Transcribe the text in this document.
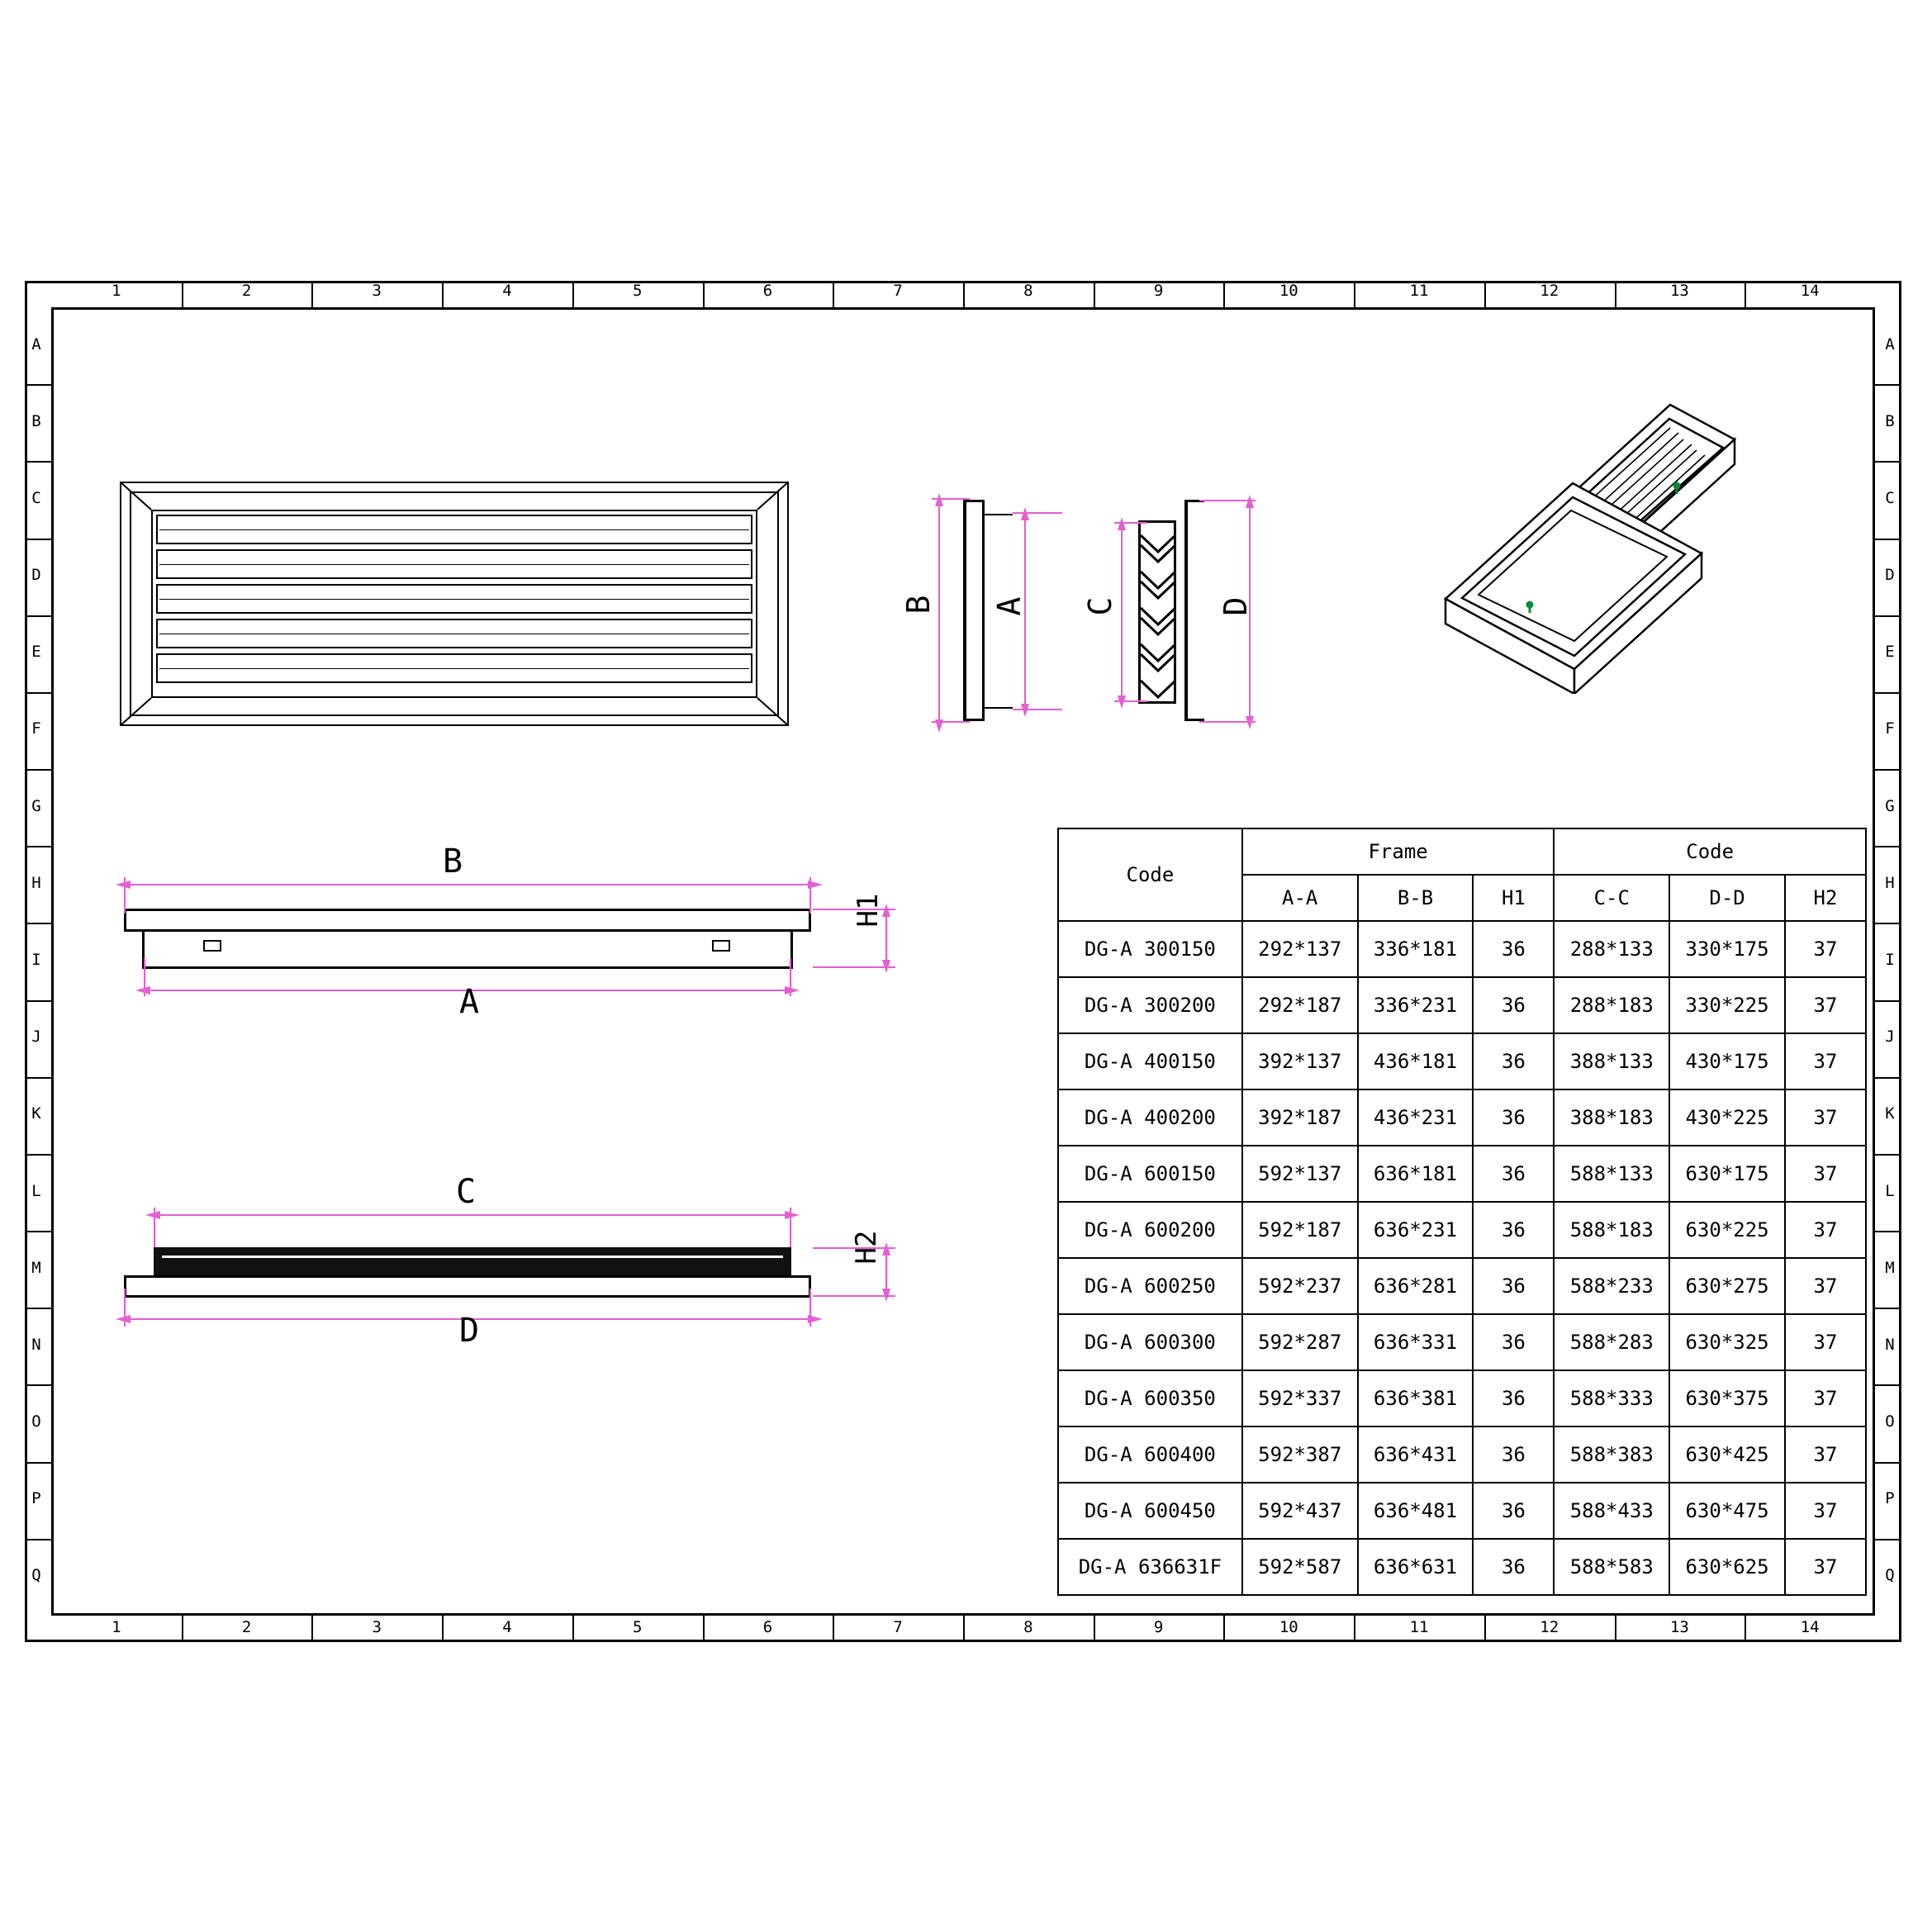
1
1
2
2
3
3
4
4
5
5
6
6
7
7
8
8
9
9
10
10
11
11
12
12
13
13
14
14
A	A
B	B
C	C
D	D
E	E
F	F
G	G
H	H
I	I
J	J
K	K
L	L
M	M
N	N
O	O
P	P
Q	Q
B A C	D
B
A
H1
C
D
H2
Code	Frame			Code		
	A-A	B-B	H1	C-C	D-D	H2
DG-A 300150	292*137	336*181	36	288*133	330*175	37
DG-A 300200	292*187	336*231	36	288*183	330*225	37
DG-A 400150	392*137	436*181	36	388*133	430*175	37
DG-A 400200	392*187	436*231	36	388*183	430*225	37
DG-A 600150	592*137	636*181	36	588*133	630*175	37
DG-A 600200	592*187	636*231	36	588*183	630*225	37
DG-A 600250	592*237	636*281	36	588*233	630*275	37
DG-A 600300	592*287	636*331	36	588*283	630*325	37
DG-A 600350	592*337	636*381	36	588*333	630*375	37
DG-A 600400	592*387	636*431	36	588*383	630*425	37
DG-A 600450	592*437	636*481	36	588*433	630*475	37
DG-A 636631F	592*587	636*631	36	588*583	630*625	37
